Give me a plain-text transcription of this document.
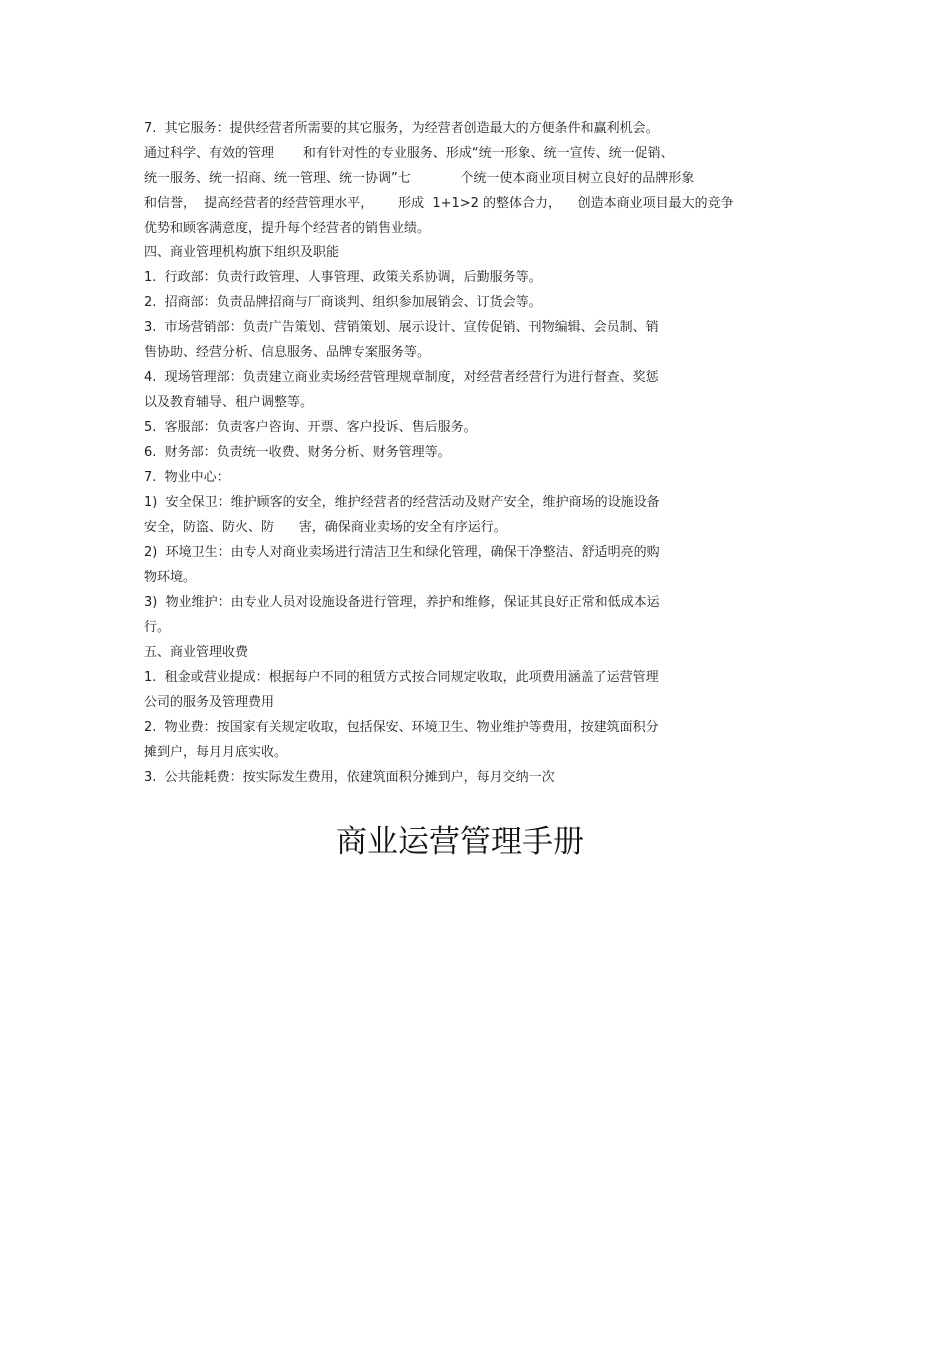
7.  其它服务：提供经营者所需要的其它服务，为经营者创造最大的方便条件和赢利机会。
通过科学、有效的管理       和有针对性的专业服务、形成“统一形象、统一宣传、统一促销、
统一服务、统一招商、统一管理、统一协调”七            个统一使本商业项目树立良好的品牌形象
和信誉，  提高经营者的经营管理水平，      形成  1+1>2 的整体合力，    创造本商业项目最大的竞争
优势和顾客满意度，提升每个经营者的销售业绩。
四、商业管理机构旗下组织及职能
1.  行政部：负责行政管理、人事管理、政策关系协调，后勤服务等。
2.  招商部：负责品牌招商与厂商谈判、组织参加展销会、订货会等。
3.  市场营销部：负责广告策划、营销策划、展示设计、宣传促销、刊物编辑、会员制、销
售协助、经营分析、信息服务、品牌专案服务等。
4.  现场管理部：负责建立商业卖场经营管理规章制度，对经营者经营行为进行督查、奖惩
以及教育辅导、租户调整等。
5.  客服部：负责客户咨询、开票、客户投诉、售后服务。
6.  财务部：负责统一收费、财务分析、财务管理等。
7.  物业中心：
1)  安全保卫：维护顾客的安全，维护经营者的经营活动及财产安全，维护商场的设施设备
安全，防盗、防火、防      害，确保商业卖场的安全有序运行。
2)  环境卫生：由专人对商业卖场进行清洁卫生和绿化管理，确保干净整洁、舒适明亮的购
物环境。
3)  物业维护：由专业人员对设施设备进行管理，养护和维修，保证其良好正常和低成本运
行。
五、商业管理收费
1.  租金或营业提成：根据每户不同的租赁方式按合同规定收取，此项费用涵盖了运营管理
公司的服务及管理费用
2.  物业费：按国家有关规定收取，包括保安、环境卫生、物业维护等费用，按建筑面积分
摊到户，每月月底实收。
3.  公共能耗费：按实际发生费用，依建筑面积分摊到户，每月交纳一次
商业运营管理手册
